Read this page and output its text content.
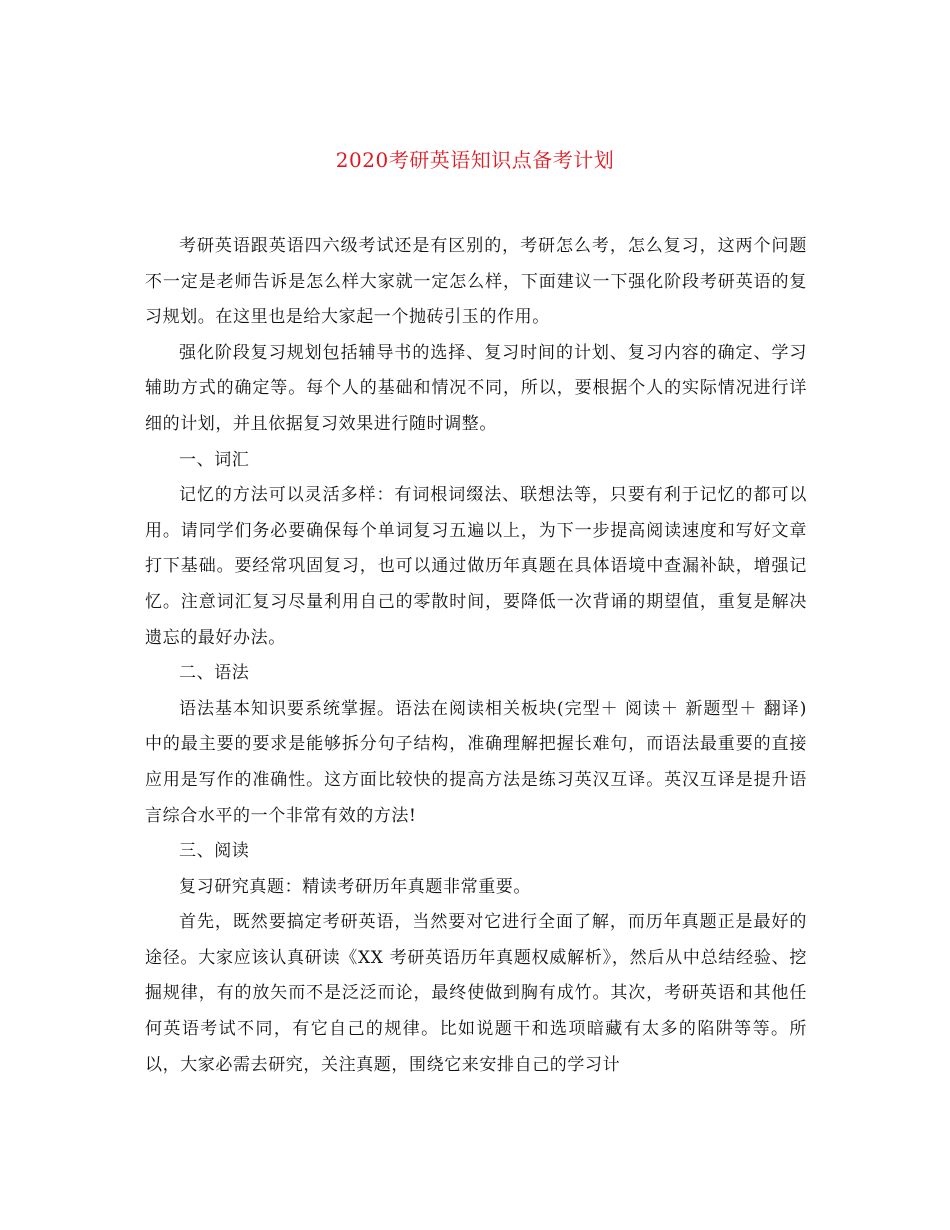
2020考研英语知识点备考计划

考研英语跟英语四六级考试还是有区别的，考研怎么考，怎么复习，这两个问题不一定是老师告诉是怎么样大家就一定怎么样，下面建议一下强化阶段考研英语的复习规划。在这里也是给大家起一个抛砖引玉的作用。

强化阶段复习规划包括辅导书的选择、复习时间的计划、复习内容的确定、学习辅助方式的确定等。每个人的基础和情况不同，所以，要根据个人的实际情况进行详细的计划，并且依据复习效果进行随时调整。

一、词汇

记忆的方法可以灵活多样：有词根词缀法、联想法等，只要有利于记忆的都可以用。请同学们务必要确保每个单词复习五遍以上，为下一步提高阅读速度和写好文章打下基础。要经常巩固复习，也可以通过做历年真题在具体语境中查漏补缺，增强记忆。注意词汇复习尽量利用自己的零散时间，要降低一次背诵的期望值，重复是解决遗忘的最好办法。

二、语法

语法基本知识要系统掌握。语法在阅读相关板块(完型＋ 阅读＋ 新题型＋ 翻译)中的最主要的要求是能够拆分句子结构，准确理解把握长难句，而语法最重要的直接应用是写作的准确性。这方面比较快的提高方法是练习英汉互译。英汉互译是提升语言综合水平的一个非常有效的方法!

三、阅读

复习研究真题：精读考研历年真题非常重要。

首先，既然要搞定考研英语，当然要对它进行全面了解，而历年真题正是最好的途径。大家应该认真研读《XX 考研英语历年真题权威解析》，然后从中总结经验、挖掘规律，有的放矢而不是泛泛而论，最终使做到胸有成竹。其次，考研英语和其他任何英语考试不同，有它自己的规律。比如说题干和选项暗藏有太多的陷阱等等。所以，大家必需去研究，关注真题，围绕它来安排自己的学习计
